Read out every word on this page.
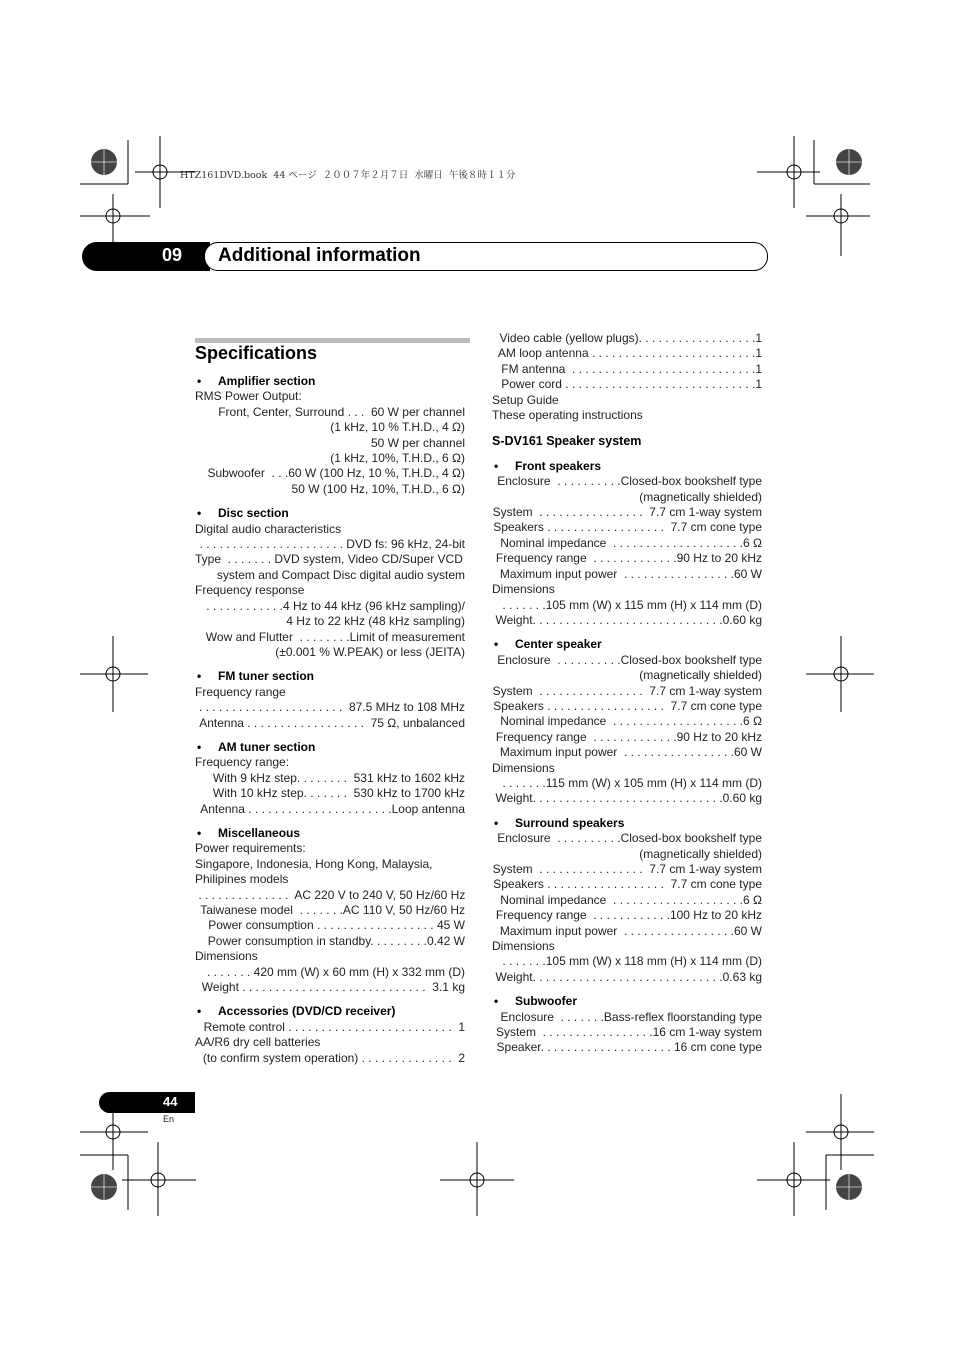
HTZ161DVD.book  44 ページ  ２００７年２月７日  水曜日  午後８時１１分
09 Additional information
Specifications
• Amplifier section
RMS Power Output:
Front, Center, Surround . . .  60 W per channel
(1 kHz, 10 % T.H.D., 4 Ω)
50 W per channel
(1 kHz, 10%, T.H.D., 6 Ω)
Subwoofer  . . .60 W (100 Hz, 10 %, T.H.D., 4 Ω)
50 W (100 Hz, 10%, T.H.D., 6 Ω)
• Disc section
Digital audio characteristics
. . . . . . . . . . . . . . . . . . . . . . DVD fs: 96 kHz, 24-bit
Type  . . . . . . . DVD system, Video CD/Super VCD
system and Compact Disc digital audio system
Frequency response
. . . . . . . . . . . .4 Hz to 44 kHz (96 kHz sampling)/
4 Hz to 22 kHz (48 kHz sampling)
Wow and Flutter  . . . . . . . .Limit of measurement
(±0.001 % W.PEAK) or less (JEITA)
• FM tuner section
Frequency range
. . . . . . . . . . . . . . . . . . . . . .  87.5 MHz to 108 MHz
Antenna . . . . . . . . . . . . . . . . . .  75 Ω, unbalanced
• AM tuner section
Frequency range:
With 9 kHz step. . . . . . . .  531 kHz to 1602 kHz
With 10 kHz step. . . . . . .  530 kHz to 1700 kHz
Antenna . . . . . . . . . . . . . . . . . . . . . .Loop antenna
• Miscellaneous
Power requirements:
Singapore, Indonesia, Hong Kong, Malaysia,
Philipines models
. . . . . . . . . . . . . .  AC 220 V to 240 V, 50 Hz/60 Hz
Taiwanese model  . . . . . . .AC 110 V, 50 Hz/60 Hz
Power consumption . . . . . . . . . . . . . . . . . . 45 W
Power consumption in standby. . . . . . . . .0.42 W
Dimensions
. . . . . . . 420 mm (W) x 60 mm (H) x 332 mm (D)
Weight . . . . . . . . . . . . . . . . . . . . . . . . . . . .  3.1 kg
• Accessories (DVD/CD receiver)
Remote control . . . . . . . . . . . . . . . . . . . . . . . . .  1
AA/R6 dry cell batteries
(to confirm system operation) . . . . . . . . . . . . . .  2
Video cable (yellow plugs). . . . . . . . . . . . . . . . . .1
AM loop antenna . . . . . . . . . . . . . . . . . . . . . . . . .1
FM antenna  . . . . . . . . . . . . . . . . . . . . . . . . . . . .1
Power cord . . . . . . . . . . . . . . . . . . . . . . . . . . . . .1
Setup Guide
These operating instructions
S-DV161 Speaker system
• Front speakers
Enclosure  . . . . . . . . . .Closed-box bookshelf type
(magnetically shielded)
System  . . . . . . . . . . . . . . . .  7.7 cm 1-way system
Speakers . . . . . . . . . . . . . . . . . .  7.7 cm cone type
Nominal impedance  . . . . . . . . . . . . . . . . . . . .6 Ω
Frequency range  . . . . . . . . . . . . .90 Hz to 20 kHz
Maximum input power  . . . . . . . . . . . . . . . . .60 W
Dimensions
. . . . . . .105 mm (W) x 115 mm (H) x 114 mm (D)
Weight. . . . . . . . . . . . . . . . . . . . . . . . . . . . .0.60 kg
• Center speaker
Enclosure  . . . . . . . . . .Closed-box bookshelf type
(magnetically shielded)
System  . . . . . . . . . . . . . . . .  7.7 cm 1-way system
Speakers . . . . . . . . . . . . . . . . . .  7.7 cm cone type
Nominal impedance  . . . . . . . . . . . . . . . . . . . .6 Ω
Frequency range  . . . . . . . . . . . . .90 Hz to 20 kHz
Maximum input power  . . . . . . . . . . . . . . . . .60 W
Dimensions
. . . . . . .115 mm (W) x 105 mm (H) x 114 mm (D)
Weight. . . . . . . . . . . . . . . . . . . . . . . . . . . . .0.60 kg
• Surround speakers
Enclosure  . . . . . . . . . .Closed-box bookshelf type
(magnetically shielded)
System  . . . . . . . . . . . . . . . .  7.7 cm 1-way system
Speakers . . . . . . . . . . . . . . . . . .  7.7 cm cone type
Nominal impedance  . . . . . . . . . . . . . . . . . . . .6 Ω
Frequency range  . . . . . . . . . . . .100 Hz to 20 kHz
Maximum input power  . . . . . . . . . . . . . . . . .60 W
Dimensions
. . . . . . .105 mm (W) x 118 mm (H) x 114 mm (D)
Weight. . . . . . . . . . . . . . . . . . . . . . . . . . . . .0.63 kg
• Subwoofer
Enclosure  . . . . . . .Bass-reflex floorstanding type
System  . . . . . . . . . . . . . . . . .16 cm 1-way system
Speaker. . . . . . . . . . . . . . . . . . . . 16 cm cone type
44
En
